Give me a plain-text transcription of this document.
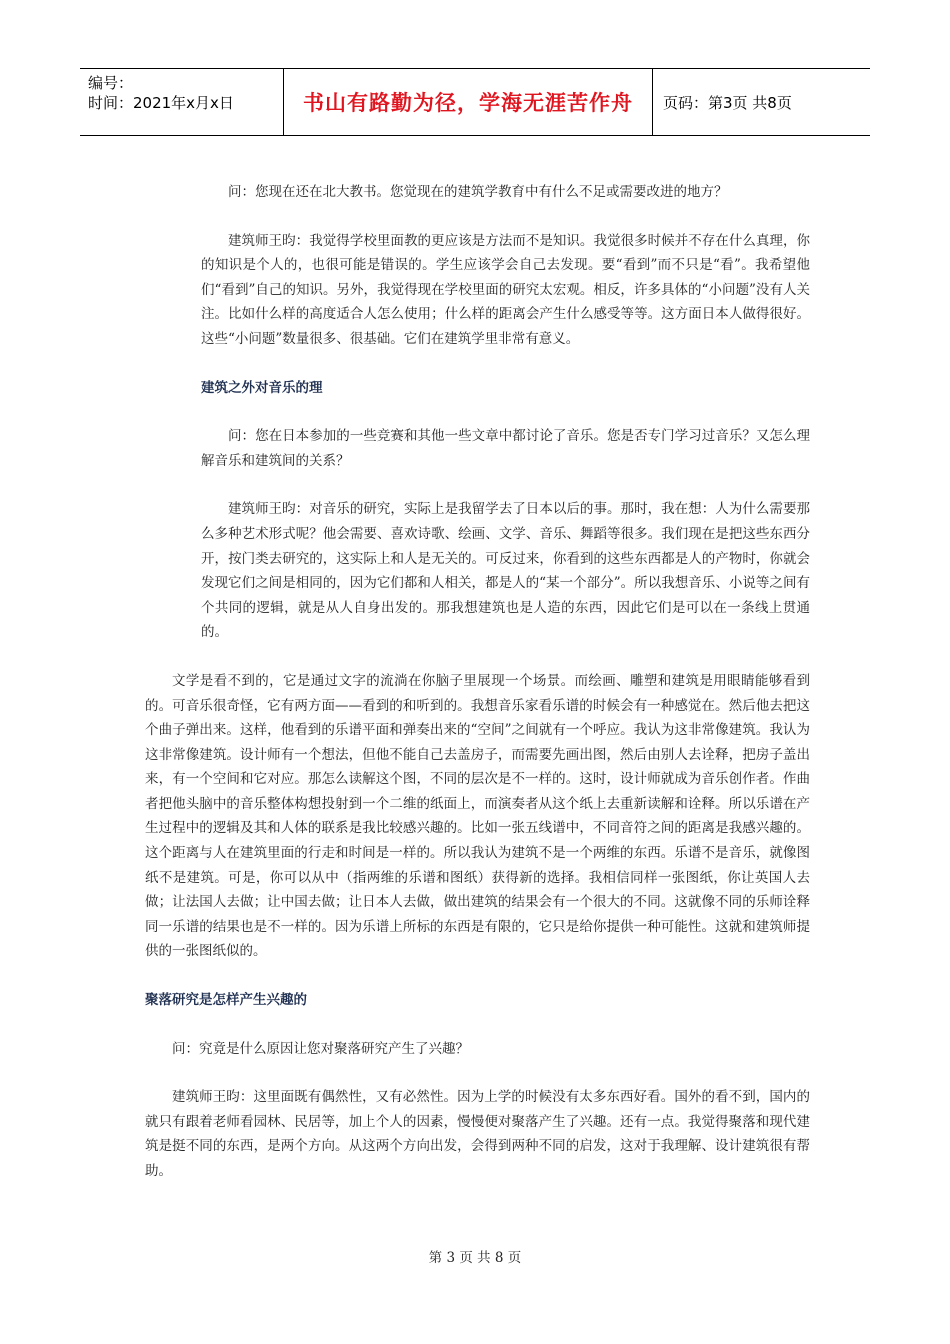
编号：
时间：2021年x月x日	书山有路勤为径，学海无涯苦作舟	页码：第3页 共8页

问：您现在还在北大教书。您觉现在的建筑学教育中有什么不足或需要改进的地方？

建筑师王昀：我觉得学校里面教的更应该是方法而不是知识。我觉很多时候并不存在什么真理，你的知识是个人的，也很可能是错误的。学生应该学会自己去发现。要“看到”而不只是“看”。我希望他们“看到”自己的知识。另外，我觉得现在学校里面的研究太宏观。相反，许多具体的“小问题”没有人关注。比如什么样的高度适合人怎么使用；什么样的距离会产生什么感受等等。这方面日本人做得很好。这些“小问题”数量很多、很基础。它们在建筑学里非常有意义。

建筑之外对音乐的理

问：您在日本参加的一些竞赛和其他一些文章中都讨论了音乐。您是否专门学习过音乐？又怎么理解音乐和建筑间的关系？

建筑师王昀：对音乐的研究，实际上是我留学去了日本以后的事。那时，我在想：人为什么需要那么多种艺术形式呢？他会需要、喜欢诗歌、绘画、文学、音乐、舞蹈等很多。我们现在是把这些东西分开，按门类去研究的，这实际上和人是无关的。可反过来，你看到的这些东西都是人的产物时，你就会发现它们之间是相同的，因为它们都和人相关，都是人的“某一个部分”。所以我想音乐、小说等之间有个共同的逻辑，就是从人自身出发的。那我想建筑也是人造的东西，因此它们是可以在一条线上贯通的。

文学是看不到的，它是通过文字的流淌在你脑子里展现一个场景。而绘画、雕塑和建筑是用眼睛能够看到的。可音乐很奇怪，它有两方面——看到的和听到的。我想音乐家看乐谱的时候会有一种感觉在。然后他去把这个曲子弹出来。这样，他看到的乐谱平面和弹奏出来的“空间”之间就有一个呼应。我认为这非常像建筑。我认为这非常像建筑。设计师有一个想法，但他不能自己去盖房子，而需要先画出图，然后由别人去诠释，把房子盖出来，有一个空间和它对应。那怎么读解这个图，不同的层次是不一样的。这时，设计师就成为音乐创作者。作曲者把他头脑中的音乐整体构想投射到一个二维的纸面上，而演奏者从这个纸上去重新读解和诠释。所以乐谱在产生过程中的逻辑及其和人体的联系是我比较感兴趣的。比如一张五线谱中，不同音符之间的距离是我感兴趣的。这个距离与人在建筑里面的行走和时间是一样的。所以我认为建筑不是一个两维的东西。乐谱不是音乐，就像图纸不是建筑。可是，你可以从中（指两维的乐谱和图纸）获得新的选择。我相信同样一张图纸，你让英国人去做；让法国人去做；让中国去做；让日本人去做，做出建筑的结果会有一个很大的不同。这就像不同的乐师诠释同一乐谱的结果也是不一样的。因为乐谱上所标的东西是有限的，它只是给你提供一种可能性。这就和建筑师提供的一张图纸似的。

聚落研究是怎样产生兴趣的

问：究竟是什么原因让您对聚落研究产生了兴趣？

建筑师王昀：这里面既有偶然性，又有必然性。因为上学的时候没有太多东西好看。国外的看不到，国内的就只有跟着老师看园林、民居等，加上个人的因素，慢慢便对聚落产生了兴趣。还有一点。我觉得聚落和现代建筑是挺不同的东西，是两个方向。从这两个方向出发，会得到两种不同的启发，这对于我理解、设计建筑很有帮助。

第 3 页 共 8 页
